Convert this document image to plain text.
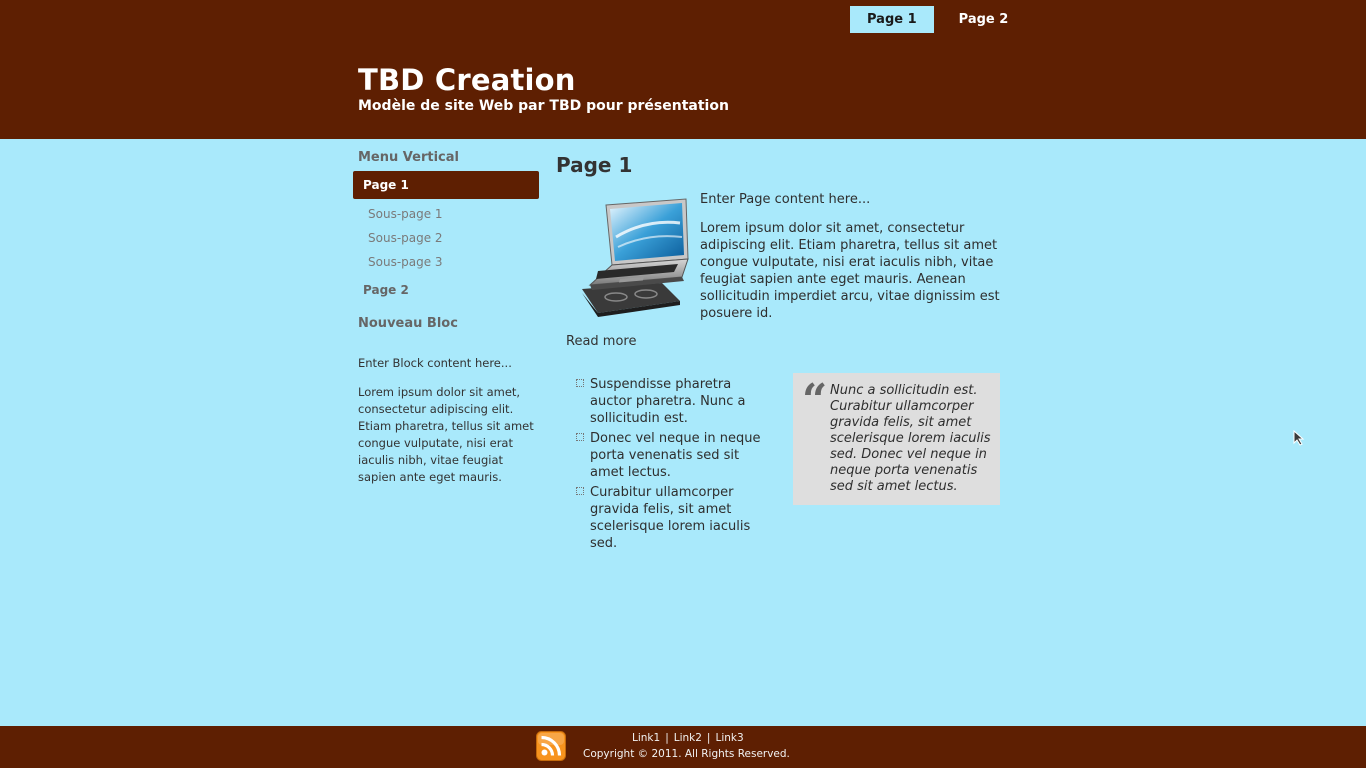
Page 1	Page 2
TBD Creation
Modèle de site Web par TBD pour présentation
Menu Vertical
Page 1
Sous-page 1
Sous-page 2
Sous-page 3
Page 2
Nouveau Bloc

Enter Block content here...

Lorem ipsum dolor sit amet, consectetur adipiscing elit. Etiam pharetra, tellus sit amet congue vulputate, nisi erat iaculis nibh, vitae feugiat sapien ante eget mauris.

Page 1

Enter Page content here...

Lorem ipsum dolor sit amet, consectetur adipiscing elit. Etiam pharetra, tellus sit amet congue vulputate, nisi erat iaculis nibh, vitae feugiat sapien ante eget mauris. Aenean sollicitudin imperdiet arcu, vitae dignissim est posuere id.

Read more
Suspendisse pharetra auctor pharetra. Nunc a sollicitudin est.
Donec vel neque in neque porta venenatis sed sit amet lectus.
Curabitur ullamcorper gravida felis, sit amet scelerisque lorem iaculis sed.
“ Nunc a sollicitudin est. Curabitur ullamcorper gravida felis, sit amet scelerisque lorem iaculis sed. Donec vel neque in neque porta venenatis sed sit amet lectus.
Link1 | Link2 | Link3
Copyright © 2011. All Rights Reserved.
